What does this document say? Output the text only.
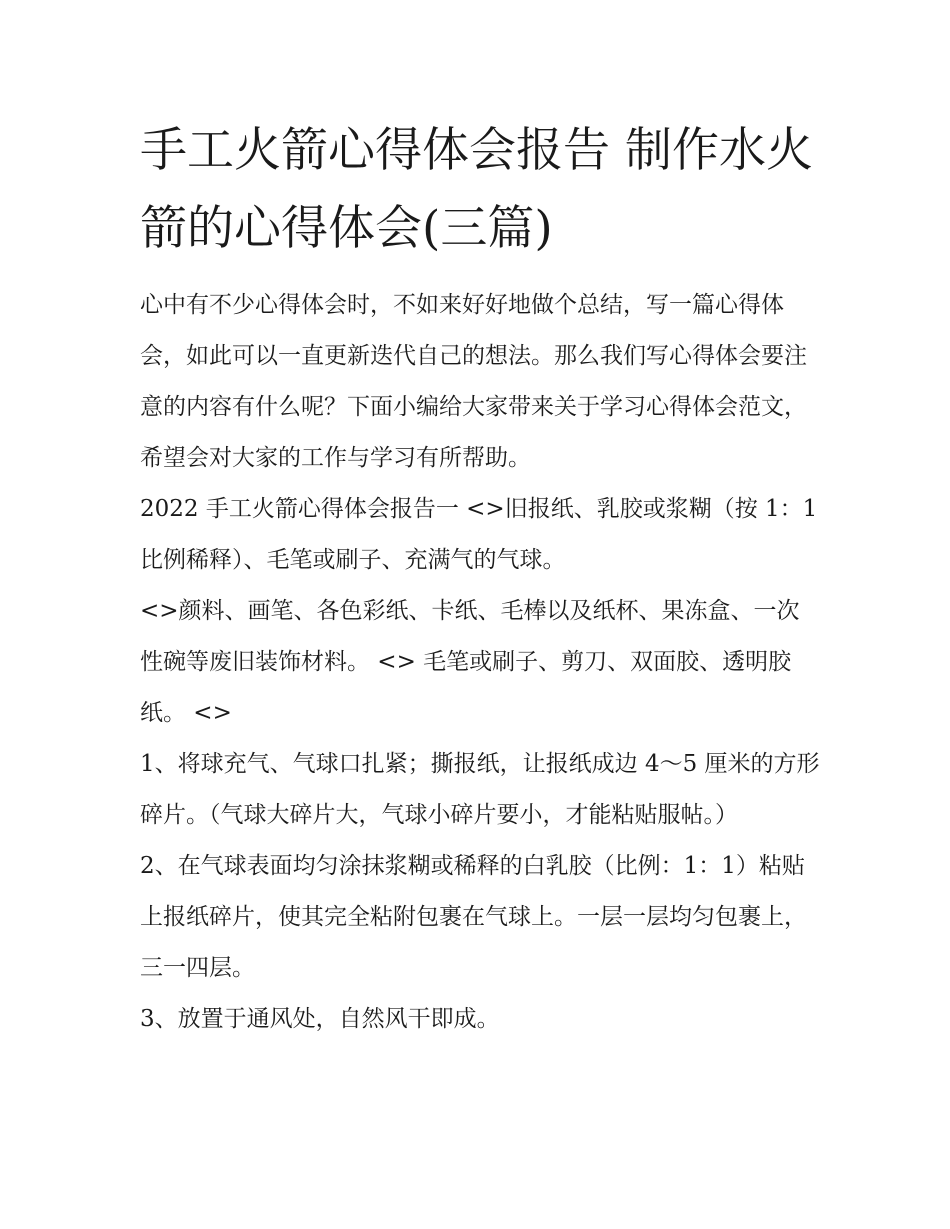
手工火箭心得体会报告 制作水火箭的心得体会(三篇)

心中有不少心得体会时，不如来好好地做个总结，写一篇心得体会，如此可以一直更新迭代自己的想法。那么我们写心得体会要注意的内容有什么呢？下面小编给大家带来关于学习心得体会范文，希望会对大家的工作与学习有所帮助。

2022 手工火箭心得体会报告一 <>旧报纸、乳胶或浆糊（按 1：1 比例稀释）、毛笔或刷子、充满气的气球。

<>颜料、画笔、各色彩纸、卡纸、毛棒以及纸杯、果冻盒、一次性碗等废旧装饰材料。 <> 毛笔或刷子、剪刀、双面胶、透明胶纸。 <>

1、将球充气、气球口扎紧；撕报纸，让报纸成边 4～5 厘米的方形碎片。（气球大碎片大，气球小碎片要小，才能粘贴服帖。）

2、在气球表面均匀涂抹浆糊或稀释的白乳胶（比例：1：1）粘贴上报纸碎片，使其完全粘附包裹在气球上。一层一层均匀包裹上，三一四层。

3、放置于通风处，自然风干即成。
